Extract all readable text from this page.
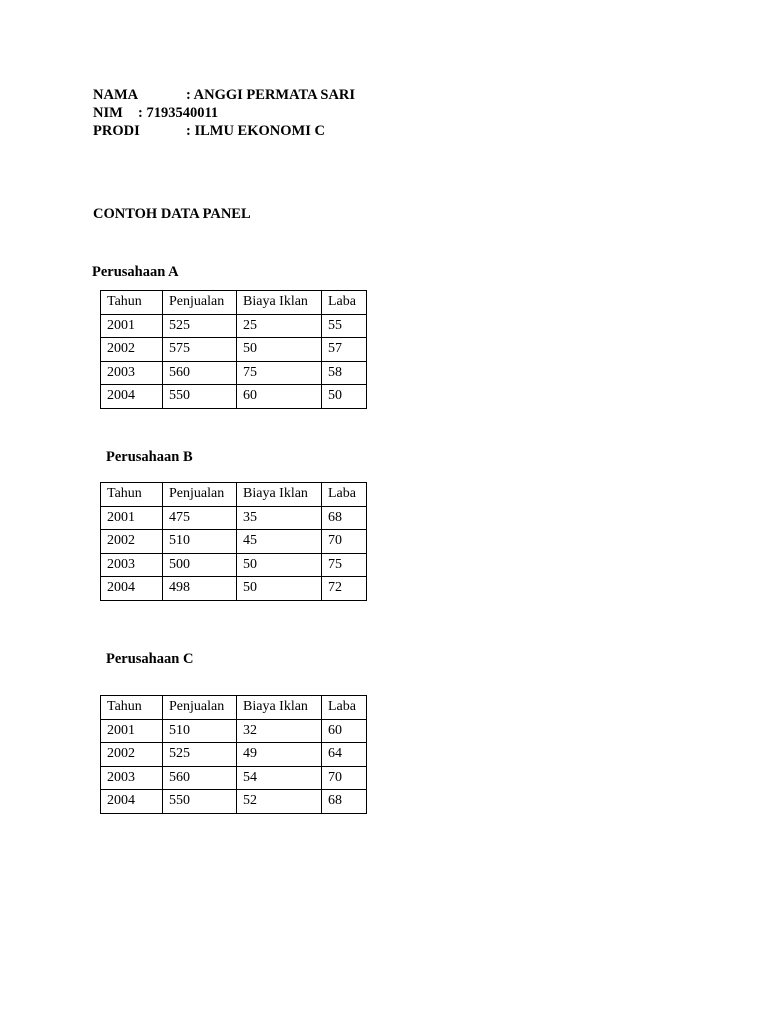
NAMA	: ANGGI PERMATA SARI
NIM : 7193540011
PRODI	: ILMU EKONOMI C
CONTOH DATA PANEL
Perusahaan A
Tahun	Penjualan	Biaya Iklan	Laba
2001	525	25	55
2002	575	50	57
2003	560	75	58
2004	550	60	50
Perusahaan B
Tahun	Penjualan	Biaya Iklan	Laba
2001	475	35	68
2002	510	45	70
2003	500	50	75
2004	498	50	72
Perusahaan C
Tahun	Penjualan	Biaya Iklan	Laba
2001	510	32	60
2002	525	49	64
2003	560	54	70
2004	550	52	68
